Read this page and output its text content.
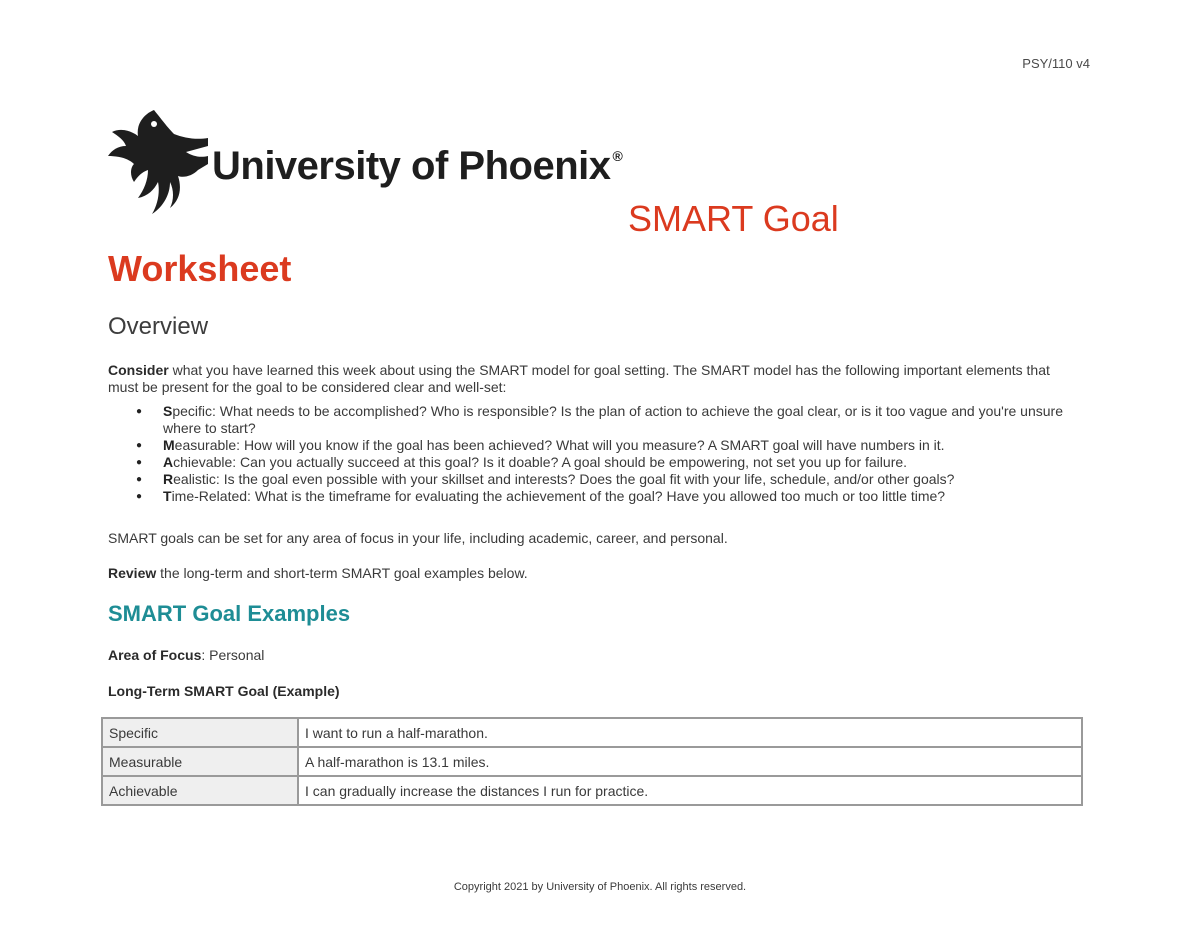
PSY/110 v4
University of Phoenix ®
SMART Goal
Worksheet
Overview
Consider what you have learned this week about using the SMART model for goal setting. The SMART model has the following important elements that must be present for the goal to be considered clear and well-set:
● Specific: What needs to be accomplished? Who is responsible? Is the plan of action to achieve the goal clear, or is it too vague and you're unsure where to start?
● Measurable: How will you know if the goal has been achieved? What will you measure? A SMART goal will have numbers in it.
● Achievable: Can you actually succeed at this goal? Is it doable? A goal should be empowering, not set you up for failure.
● Realistic: Is the goal even possible with your skillset and interests? Does the goal fit with your life, schedule, and/or other goals?
● Time-Related: What is the timeframe for evaluating the achievement of the goal? Have you allowed too much or too little time?
SMART goals can be set for any area of focus in your life, including academic, career, and personal.
Review the long-term and short-term SMART goal examples below.
SMART Goal Examples
Area of Focus: Personal
Long-Term SMART Goal (Example)
Specific	I want to run a half-marathon.
Measurable	A half-marathon is 13.1 miles.
Achievable	I can gradually increase the distances I run for practice.
Copyright 2021 by University of Phoenix. All rights reserved.
